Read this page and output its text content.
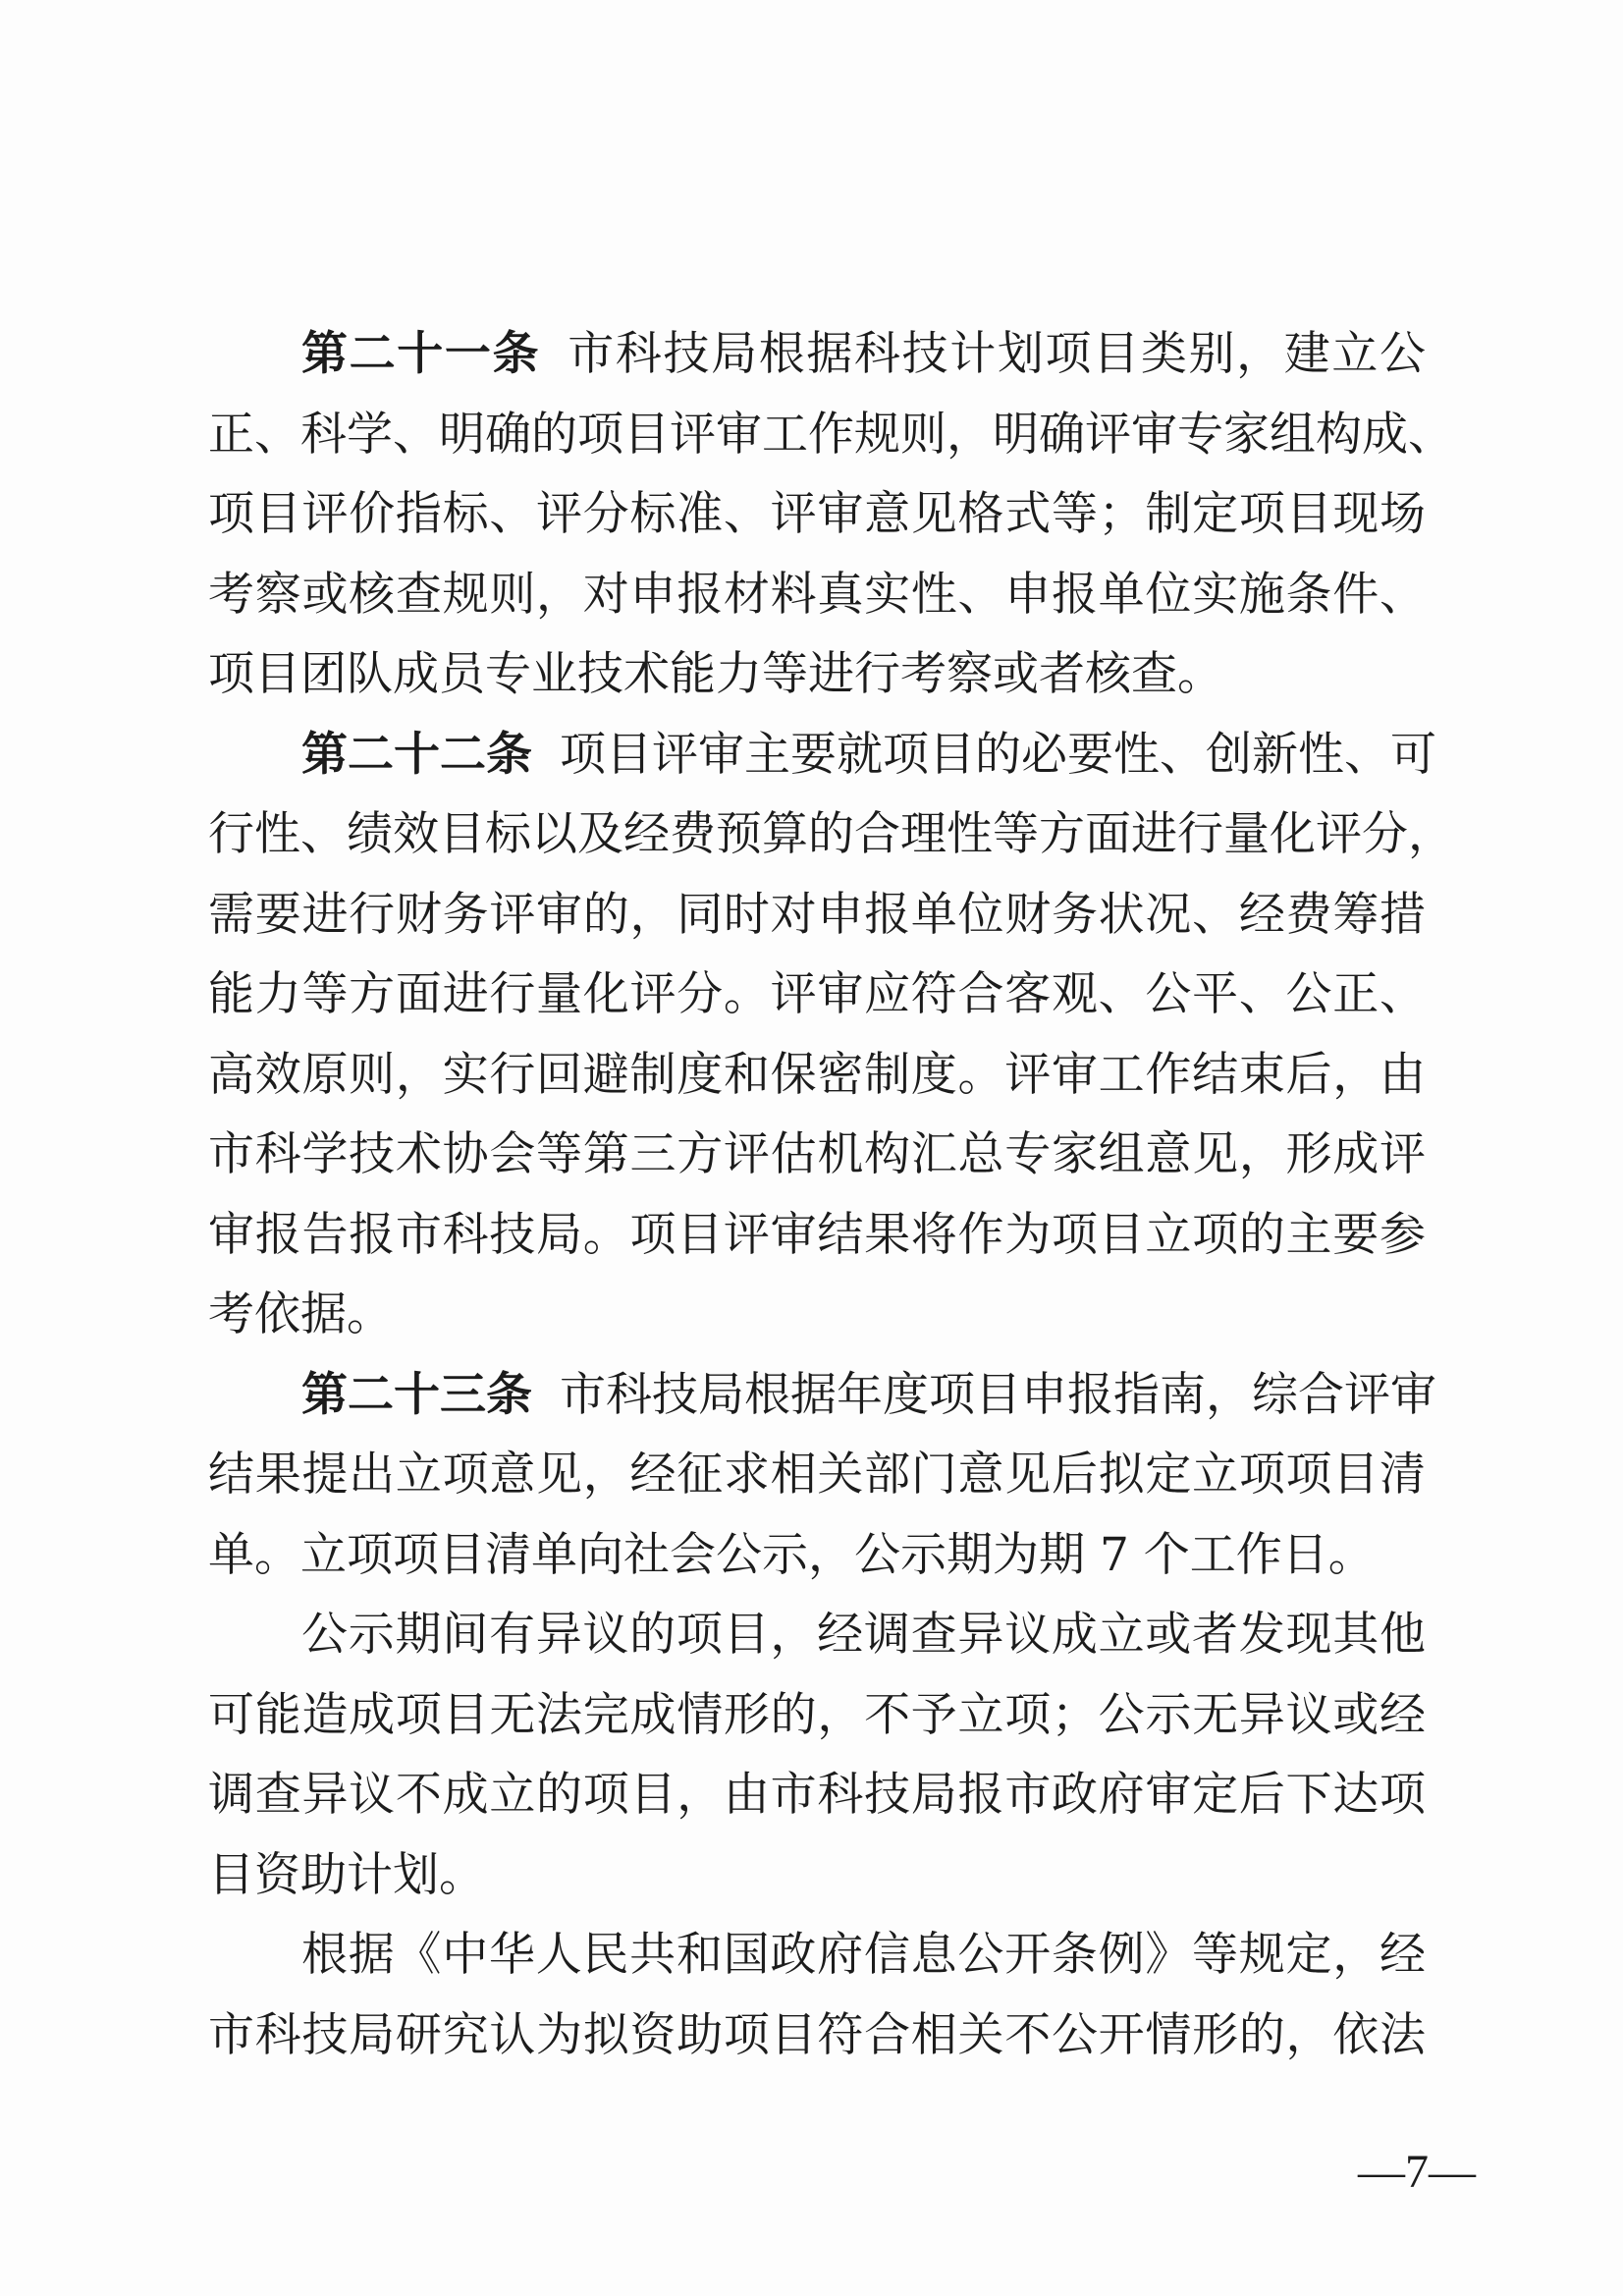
第二十一条 市科技局根据科技计划项目类别，建立公
正、科学、明确的项目评审工作规则，明确评审专家组构成、
项目评价指标、评分标准、评审意见格式等；制定项目现场
考察或核查规则，对申报材料真实性、申报单位实施条件、
项目团队成员专业技术能力等进行考察或者核查。
第二十二条 项目评审主要就项目的必要性、创新性、可
行性、绩效目标以及经费预算的合理性等方面进行量化评分，
需要进行财务评审的，同时对申报单位财务状况、经费筹措
能力等方面进行量化评分。评审应符合客观、公平、公正、
高效原则，实行回避制度和保密制度。评审工作结束后，由
市科学技术协会等第三方评估机构汇总专家组意见，形成评
审报告报市科技局。项目评审结果将作为项目立项的主要参
考依据。
第二十三条 市科技局根据年度项目申报指南，综合评审
结果提出立项意见，经征求相关部门意见后拟定立项项目清
单。立项项目清单向社会公示，公示期为期 7 个工作日。
公示期间有异议的项目，经调查异议成立或者发现其他
可能造成项目无法完成情形的，不予立项；公示无异议或经
调查异议不成立的项目，由市科技局报市政府审定后下达项
目资助计划。
根据《中华人民共和国政府信息公开条例》等规定，经
市科技局研究认为拟资助项目符合相关不公开情形的，依法
—7—
